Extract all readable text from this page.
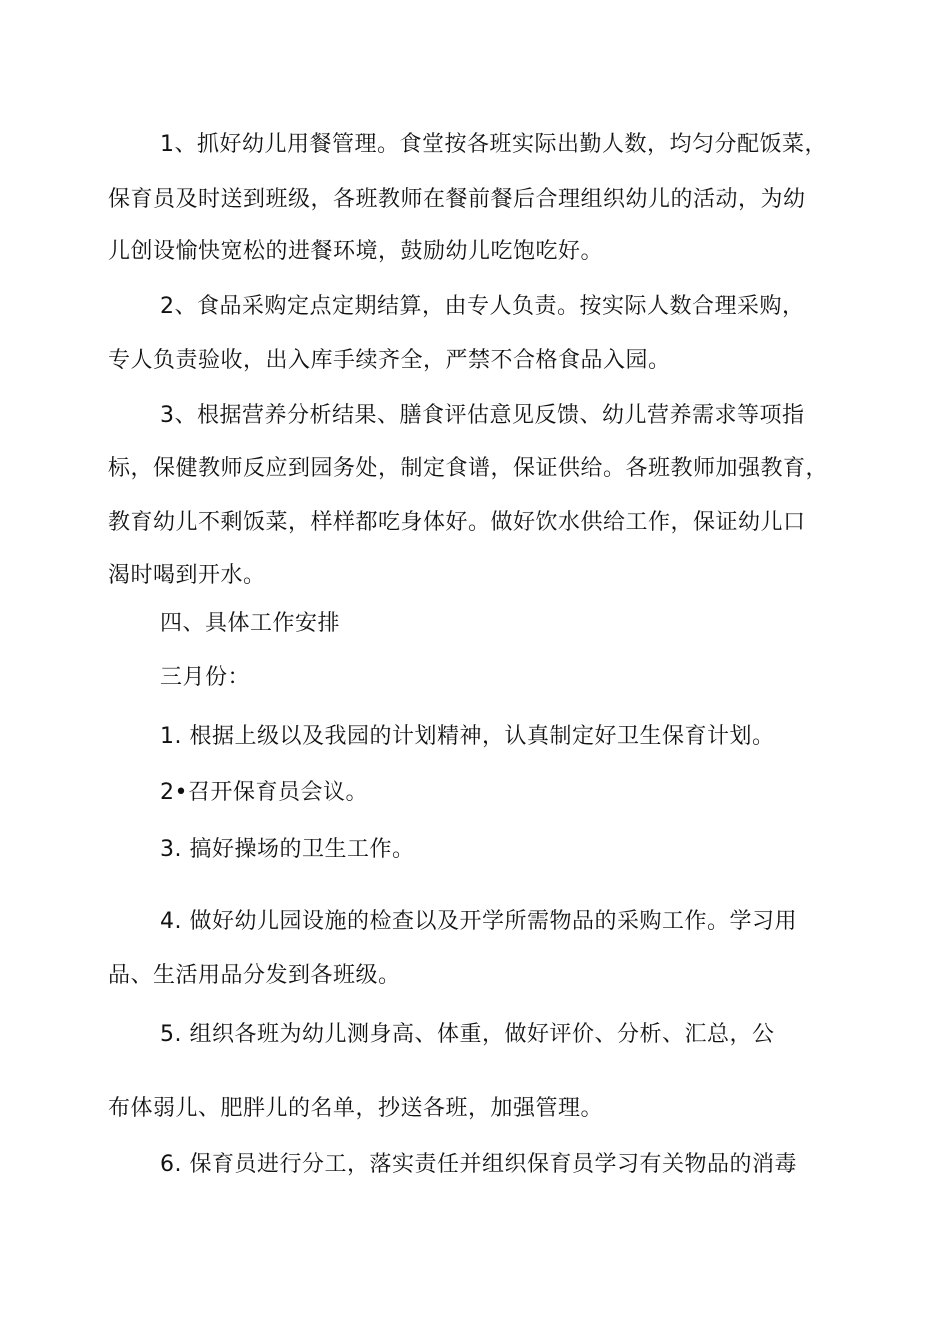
1、抓好幼儿用餐管理。食堂按各班实际出勤人数，均匀分配饭菜，
保育员及时送到班级，各班教师在餐前餐后合理组织幼儿的活动，为幼
儿创设愉快宽松的进餐环境，鼓励幼儿吃饱吃好。
2、食品采购定点定期结算，由专人负责。按实际人数合理采购，
专人负责验收，出入库手续齐全，严禁不合格食品入园。
3、根据营养分析结果、膳食评估意见反馈、幼儿营养需求等项指
标，保健教师反应到园务处，制定食谱，保证供给。各班教师加强教育，
教育幼儿不剩饭菜，样样都吃身体好。做好饮水供给工作，保证幼儿口
渴时喝到开水。
四、具体工作安排
三月份：
1. 根据上级以及我园的计划精神，认真制定好卫生保育计划。
2•召开保育员会议。
3. 搞好操场的卫生工作。
4. 做好幼儿园设施的检查以及开学所需物品的采购工作。学习用
品、生活用品分发到各班级。
5. 组织各班为幼儿测身高、体重，做好评价、分析、汇总，公
布体弱儿、肥胖儿的名单，抄送各班，加强管理。
6. 保育员进行分工，落实责任并组织保育员学习有关物品的消毒
